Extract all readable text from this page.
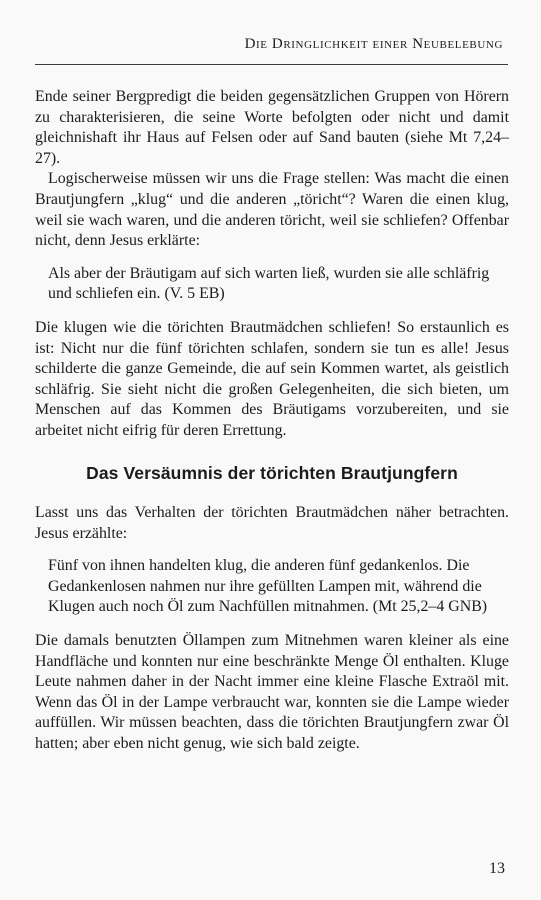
Die Dringlichkeit einer Neubelebung

Ende seiner Bergpredigt die beiden gegensätzlichen Gruppen von Hörern zu charakterisieren, die seine Worte befolgten oder nicht und damit gleichnishaft ihr Haus auf Felsen oder auf Sand bauten (siehe Mt 7,24–27).

Logischerweise müssen wir uns die Frage stellen: Was macht die einen Brautjungfern „klug“ und die anderen „töricht“? Waren die einen klug, weil sie wach waren, und die anderen töricht, weil sie schliefen? Offenbar nicht, denn Jesus erklärte:

Als aber der Bräutigam auf sich warten ließ, wurden sie alle schläfrig und schliefen ein. (V. 5 EB)

Die klugen wie die törichten Brautmädchen schliefen! So erstaunlich es ist: Nicht nur die fünf törichten schlafen, sondern sie tun es alle! Jesus schilderte die ganze Gemeinde, die auf sein Kommen wartet, als geistlich schläfrig. Sie sieht nicht die großen Gelegenheiten, die sich bieten, um Menschen auf das Kommen des Bräutigams vorzubereiten, und sie arbeitet nicht eifrig für deren Errettung.

Das Versäumnis der törichten Brautjungfern

Lasst uns das Verhalten der törichten Brautmädchen näher betrachten. Jesus erzählte:

Fünf von ihnen handelten klug, die anderen fünf gedankenlos. Die Gedankenlosen nahmen nur ihre gefüllten Lampen mit, während die Klugen auch noch Öl zum Nachfüllen mitnahmen. (Mt 25,2–4 GNB)

Die damals benutzten Öllampen zum Mitnehmen waren kleiner als eine Handfläche und konnten nur eine beschränkte Menge Öl enthalten. Kluge Leute nahmen daher in der Nacht immer eine kleine Flasche Extraöl mit. Wenn das Öl in der Lampe verbraucht war, konnten sie die Lampe wieder auffüllen. Wir müssen beachten, dass die törichten Brautjungfern zwar Öl hatten; aber eben nicht genug, wie sich bald zeigte.

13
